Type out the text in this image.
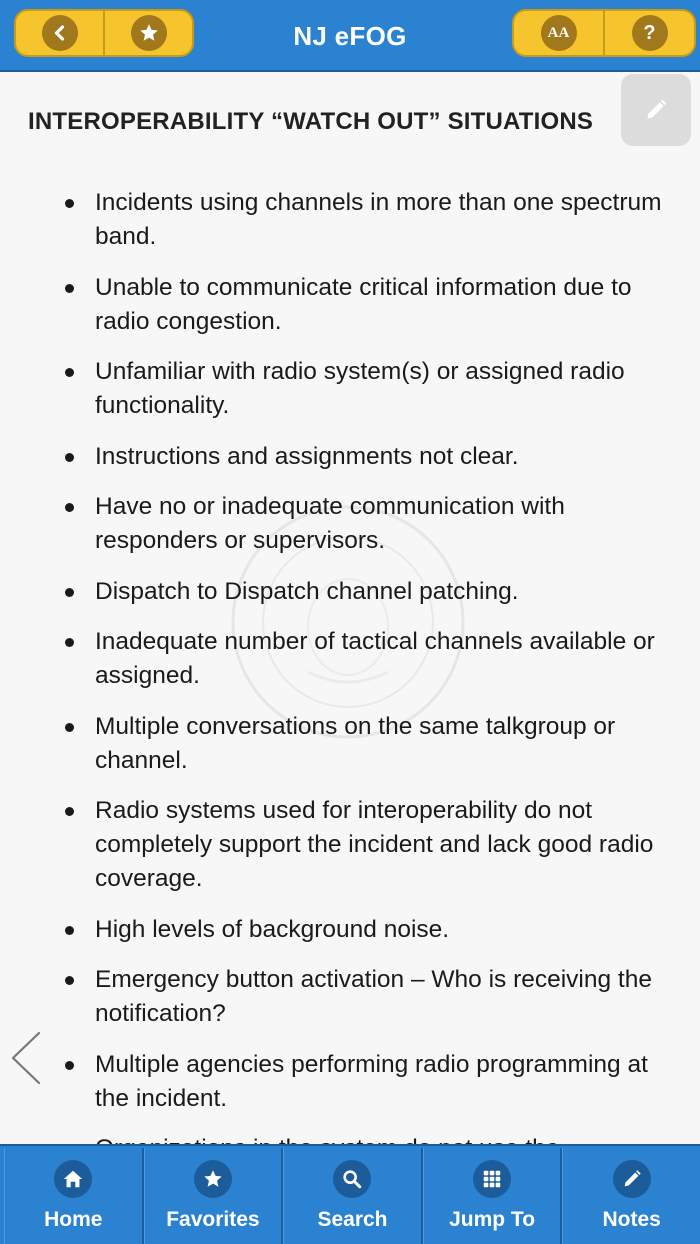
NJ eFOG	AA	?
INTEROPERABILITY “WATCH OUT” SITUATIONS
Incidents using channels in more than one spectrum band.
Unable to communicate critical information due to radio congestion.
Unfamiliar with radio system(s) or assigned radio functionality.
Instructions and assignments not clear.
Have no or inadequate communication with responders or supervisors.
Dispatch to Dispatch channel patching.
Inadequate number of tactical channels available or assigned.
Multiple conversations on the same talkgroup or channel.
Radio systems used for interoperability do not completely support the incident and lack good radio coverage.
High levels of background noise.
Emergency button activation – Who is receiving the notification?
Multiple agencies performing radio programming at the incident.
Home	Favorites	Search	Jump To	Notes
